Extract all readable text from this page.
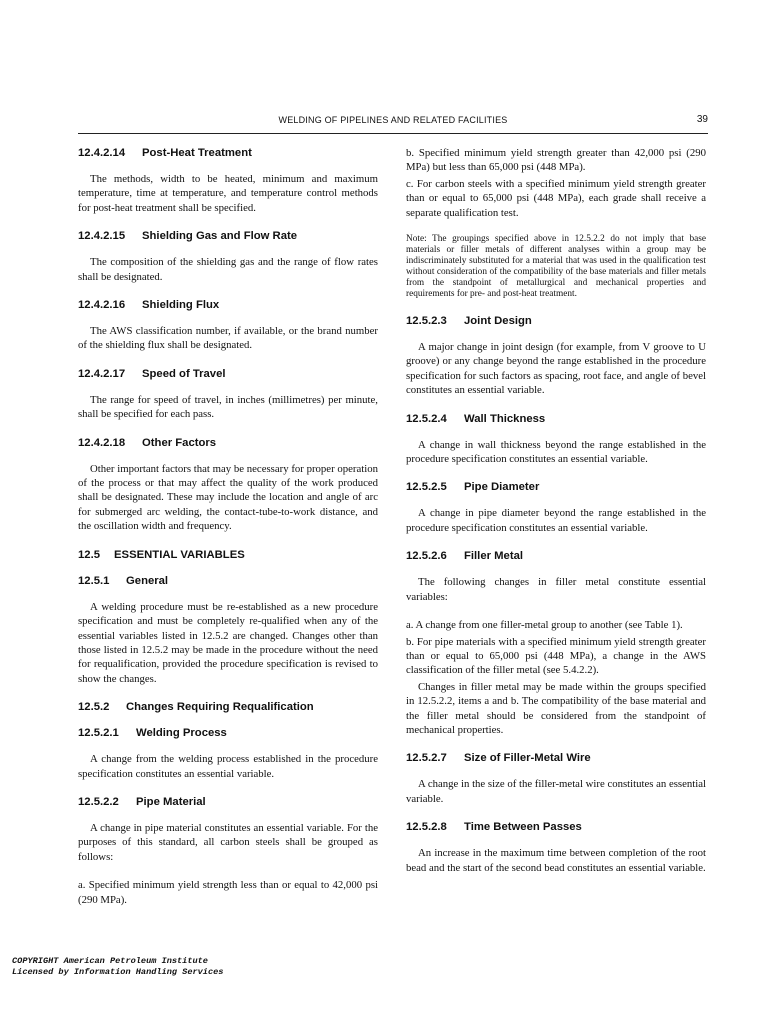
WELDING OF PIPELINES AND RELATED FACILITIES	39
12.4.2.14 Post-Heat Treatment

The methods, width to be heated, minimum and maximum temperature, time at temperature, and temperature control methods for post-heat treatment shall be specified.

12.4.2.15 Shielding Gas and Flow Rate

The composition of the shielding gas and the range of flow rates shall be designated.

12.4.2.16 Shielding Flux

The AWS classification number, if available, or the brand number of the shielding flux shall be designated.

12.4.2.17 Speed of Travel

The range for speed of travel, in inches (millimetres) per minute, shall be specified for each pass.

12.4.2.18 Other Factors

Other important factors that may be necessary for proper operation of the process or that may affect the quality of the work produced shall be designated. These may include the location and angle of arc for submerged arc welding, the contact-tube-to-work distance, and the oscillation width and frequency.

12.5 ESSENTIAL VARIABLES
12.5.1 General

A welding procedure must be re-established as a new procedure specification and must be completely re-qualified when any of the essential variables listed in 12.5.2 are changed. Changes other than those listed in 12.5.2 may be made in the procedure without the need for requalification, provided the procedure specification is revised to show the changes.

12.5.2 Changes Requiring Requalification
12.5.2.1 Welding Process

A change from the welding process established in the procedure specification constitutes an essential variable.

12.5.2.2 Pipe Material

A change in pipe material constitutes an essential variable. For the purposes of this standard, all carbon steels shall be grouped as follows:

a. Specified minimum yield strength less than or equal to 42,000 psi (290 MPa).

b. Specified minimum yield strength greater than 42,000 psi (290 MPa) but less than 65,000 psi (448 MPa).

c. For carbon steels with a specified minimum yield strength greater than or equal to 65,000 psi (448 MPa), each grade shall receive a separate qualification test.

Note: The groupings specified above in 12.5.2.2 do not imply that base materials or filler metals of different analyses within a group may be indiscriminately substituted for a material that was used in the qualification test without consideration of the compatibility of the base materials and filler metals from the standpoint of metallurgical and mechanical properties and requirements for pre- and post-heat treatment.

12.5.2.3 Joint Design

A major change in joint design (for example, from V groove to U groove) or any change beyond the range established in the procedure specification for such factors as spacing, root face, and angle of bevel constitutes an essential variable.

12.5.2.4 Wall Thickness

A change in wall thickness beyond the range established in the procedure specification constitutes an essential variable.

12.5.2.5 Pipe Diameter

A change in pipe diameter beyond the range established in the procedure specification constitutes an essential variable.

12.5.2.6 Filler Metal

The following changes in filler metal constitute essential variables:

a. A change from one filler-metal group to another (see Table 1).

b. For pipe materials with a specified minimum yield strength greater than or equal to 65,000 psi (448 MPa), a change in the AWS classification of the filler metal (see 5.4.2.2).

Changes in filler metal may be made within the groups specified in 12.5.2.2, items a and b. The compatibility of the base material and the filler metal should be considered from the standpoint of mechanical properties.

12.5.2.7 Size of Filler-Metal Wire

A change in the size of the filler-metal wire constitutes an essential variable.

12.5.2.8 Time Between Passes

An increase in the maximum time between completion of the root bead and the start of the second bead constitutes an essential variable.

COPYRIGHT American Petroleum Institute
Licensed by Information Handling Services
